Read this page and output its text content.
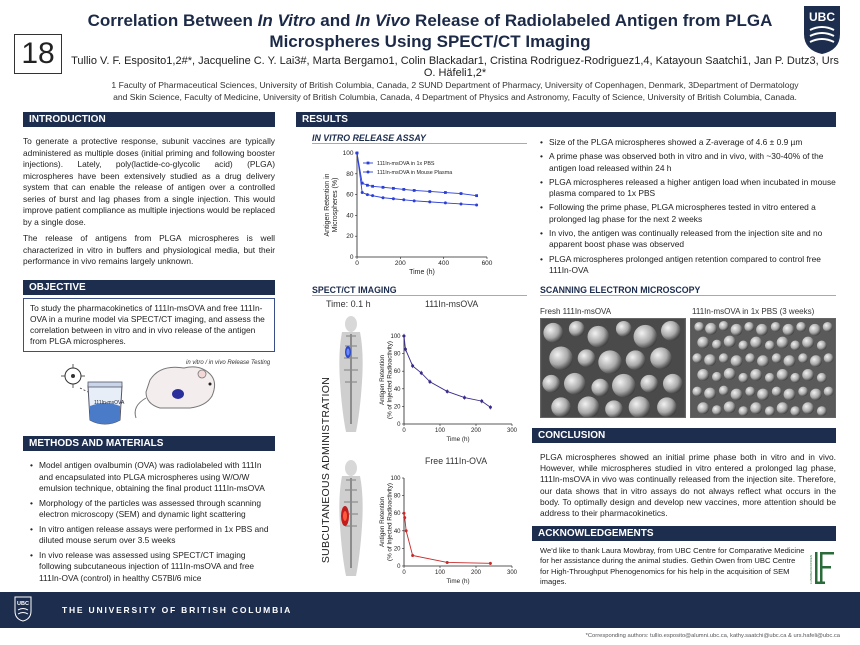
18
Correlation Between In Vitro and In Vivo Release of Radiolabeled Antigen from PLGA
Microspheres Using SPECT/CT Imaging
UBC
Tullio V. F. Esposito1,2#*, Jacqueline C. Y. Lai3#, Marta Bergamo1, Colin Blackadar1, Cristina Rodriguez-Rodriguez1,4, Katayoun Saatchi1, Jan P. Dutz3, Urs O. Häfeli1,2*
1 Faculty of Pharmaceutical Sciences, University of British Columbia, Canada, 2 SUND Department of Pharmacy, University of Copenhagen, Denmark, 3Department of Dermatology
and Skin Science, Faculty of Medicine, University of British Columbia, Canada, 4 Department of Physics and Astronomy, Faculty of Science, University of British Columbia, Canada.
INTRODUCTION

To generate a protective response, subunit vaccines are typically administered as multiple doses (initial priming and following booster injections). Lately, poly(lactide-co-glycolic acid) (PLGA) microspheres have been extensively studied as a drug delivery system that can enable the release of antigen over a controlled series of burst and lag phases from a single injection. This would improve patient compliance as multiple injections would be replaced by a single dose.

The release of antigens from PLGA microspheres is well characterized in vitro in buffers and physiological media, but their performance in vivo remains largely unknown.

OBJECTIVE
To study the pharmacokinetics of 111In-msOVA and free 111In-OVA in a murine model via SPECT/CT imaging, and assess the correlation between in vitro and in vivo release of the antigen from PLGA microspheres.
111In-msOVA
in vitro / in vivo Release Testing
METHODS AND MATERIALS
• Model antigen ovalbumin (OVA) was radiolabeled with 111In and encapsulated into PLGA microspheres using W/O/W emulsion technique, obtaining the final product 111In-msOVA
• Morphology of the particles was assessed through scanning electron microscopy (SEM) and dynamic light scattering
• In vitro antigen release assays were performed in 1x PBS and diluted mouse serum over 3.5 weeks
• In vivo release was assessed using SPECT/CT imaging following subcutaneous injection of 111In-msOVA and free 111In-OVA (control) in healthy C57Bl/6 mice
RESULTS
IN VITRO RELEASE ASSAY
0
20
40
60
80
100
0	200	400	600
Time (h)
Antigen Retention inMicrospheres (%)
111In-msOVA in 1x PBS
111In-msOVA in Mouse Plasma
SPECT/CT IMAGING
Time: 0.1 h	111In-msOVA
Free 111In-OVA
SUBCUTANEOUS ADMINISTRATION	0
20
40
60
80
100
0	100	200	300
Time (h)
Antigen Retention(% of Injected Radioactivity)
0
20
40
60
80
100
0	100	200	300
Time (h)
Antigen Retention(% of Injected Radioactivity)
• Size of the PLGA microspheres showed a Z-average of 4.6 ± 0.9 µm
• A prime phase was observed both in vitro and in vivo, with ~30-40% of the antigen load released within 24 h
• PLGA microspheres released a higher antigen load when incubated in mouse plasma compared to 1x PBS
• Following the prime phase, PLGA microspheres tested in vitro entered a prolonged lag phase for the next 2 weeks
• In vivo, the antigen was continually released from the injection site and no apparent boost phase was observed
• PLGA microspheres prolonged antigen retention compared to control free 111In-OVA
SCANNING ELECTRON MICROSCOPY
Fresh 111In-msOVA	111In-msOVA in 1x PBS (3 weeks)
CONCLUSION
PLGA microspheres showed an initial prime phase both in vitro and in vivo. However, while microspheres studied in vitro entered a prolonged lag phase, 111In-msOVA in vivo was continually released from the injection site. Therefore, our data shows that in vitro assays do not always reflect what occurs in the body. To optimally design and develop new vaccines, more attention should be address to their pharmacokinetics.
ACKNOWLEDGEMENTS

We'd like to thank Laura Mowbray, from UBC Centre for Comparative Medicine for her assistance during the animal studies. Gethin Owen from UBC Centre for High-Throughput Phenogenomics for his help in the acquisition of SEM images.	LUNDBECKFONDEN
UBC
THE UNIVERSITY OF BRITISH COLUMBIA
*Corresponding authors: tullio.esposito@alumni.ubc.ca, kathy.saatchi@ubc.ca & urs.hafeli@ubc.ca
